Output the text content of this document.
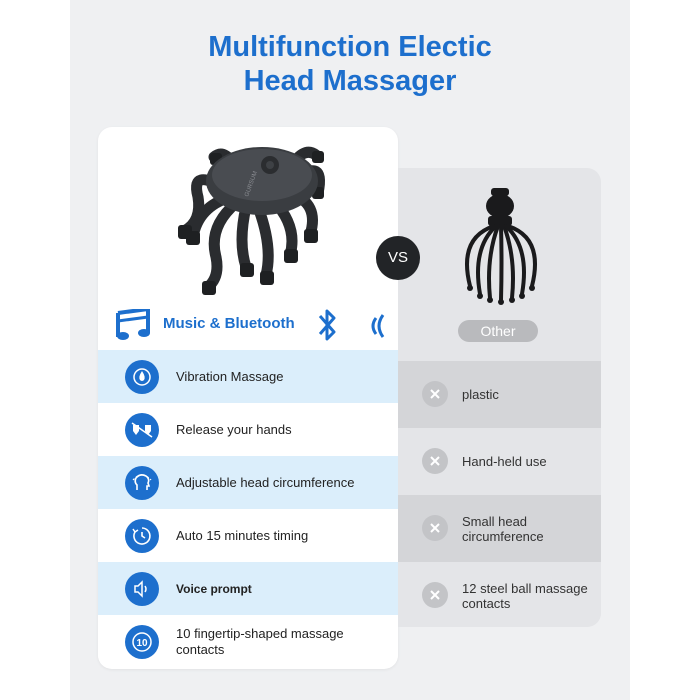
Multifunction Electic
Head Massager
GURSUM
Music & Bluetooth
Vibration Massage
Release your hands
Adjustable head circumference
Auto 15 minutes timing
Voice prompt
10
10 fingertip-shaped massage contacts
Other
plastic
Hand-held use
Small head circumference
12 steel ball massage contacts
VS
